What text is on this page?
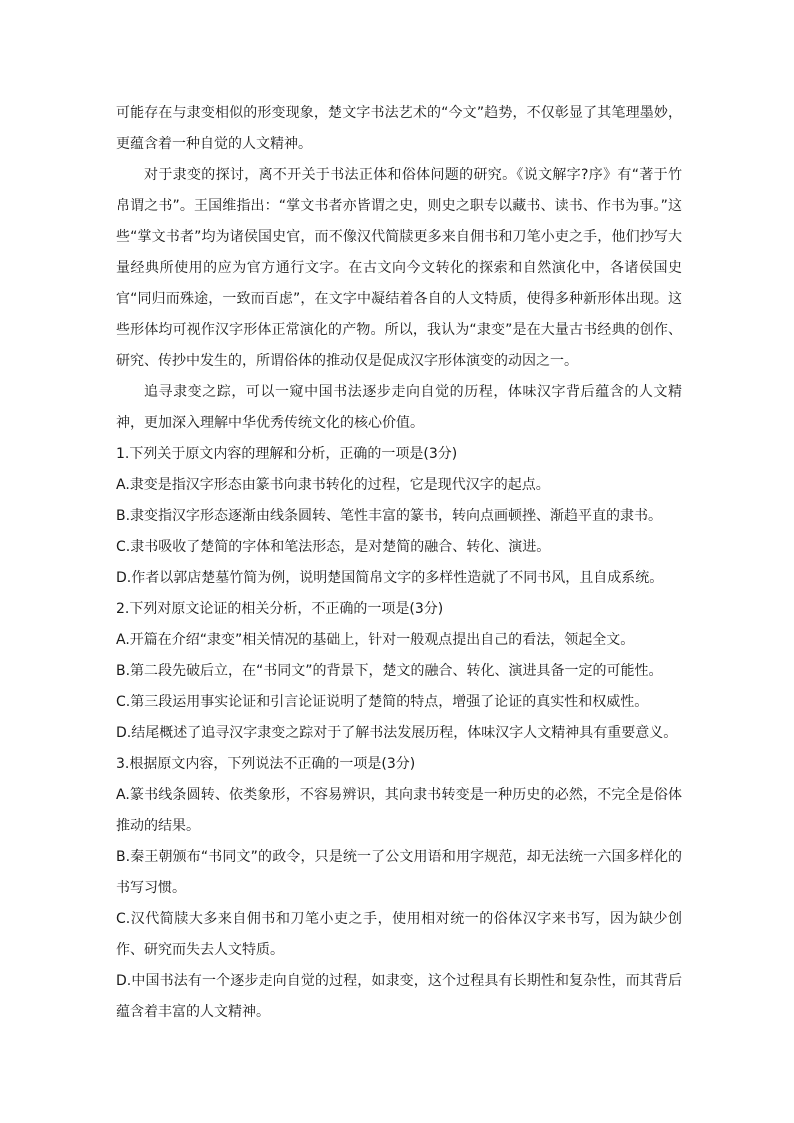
可能存在与隶变相似的形变现象，楚文字书法艺术的“今文”趋势，不仅彰显了其笔理墨妙，更蕴含着一种自觉的人文精神。

对于隶变的探讨，离不开关于书法正体和俗体问题的研究。《说文解字?序》有“著于竹帛谓之书”。王国维指出：“掌文书者亦皆谓之史，则史之职专以藏书、读书、作书为事。”这些“掌文书者”均为诸侯国史官，而不像汉代简牍更多来自佣书和刀笔小吏之手，他们抄写大量经典所使用的应为官方通行文字。在古文向今文转化的探索和自然演化中，各诸侯国史官“同归而殊途，一致而百虑”，在文字中凝结着各自的人文特质，使得多种新形体出现。这些形体均可视作汉字形体正常演化的产物。所以，我认为“隶变”是在大量古书经典的创作、研究、传抄中发生的，所谓俗体的推动仅是促成汉字形体演变的动因之一。

追寻隶变之踪，可以一窥中国书法逐步走向自觉的历程，体味汉字背后蕴含的人文精神，更加深入理解中华优秀传统文化的核心价值。

1.下列关于原文内容的理解和分析，正确的一项是(3分)

A.隶变是指汉字形态由篆书向隶书转化的过程，它是现代汉字的起点。

B.隶变指汉字形态逐渐由线条圆转、笔性丰富的篆书，转向点画顿挫、渐趋平直的隶书。

C.隶书吸收了楚简的字体和笔法形态，是对楚简的融合、转化、演进。

D.作者以郭店楚墓竹简为例，说明楚国简帛文字的多样性造就了不同书风，且自成系统。

2.下列对原文论证的相关分析，不正确的一项是(3分)

A.开篇在介绍“隶变”相关情况的基础上，针对一般观点提出自己的看法，领起全文。

B.第二段先破后立，在“书同文”的背景下，楚文的融合、转化、演进具备一定的可能性。

C.第三段运用事实论证和引言论证说明了楚简的特点，增强了论证的真实性和权威性。

D.结尾概述了追寻汉字隶变之踪对于了解书法发展历程，体味汉字人文精神具有重要意义。

3.根据原文内容，下列说法不正确的一项是(3分)

A.篆书线条圆转、依类象形，不容易辨识，其向隶书转变是一种历史的必然，不完全是俗体推动的结果。

B.秦王朝颁布“书同文”的政令，只是统一了公文用语和用字规范，却无法统一六国多样化的书写习惯。

C.汉代简牍大多来自佣书和刀笔小吏之手，使用相对统一的俗体汉字来书写，因为缺少创作、研究而失去人文特质。

D.中国书法有一个逐步走向自觉的过程，如隶变，这个过程具有长期性和复杂性，而其背后蕴含着丰富的人文精神。
